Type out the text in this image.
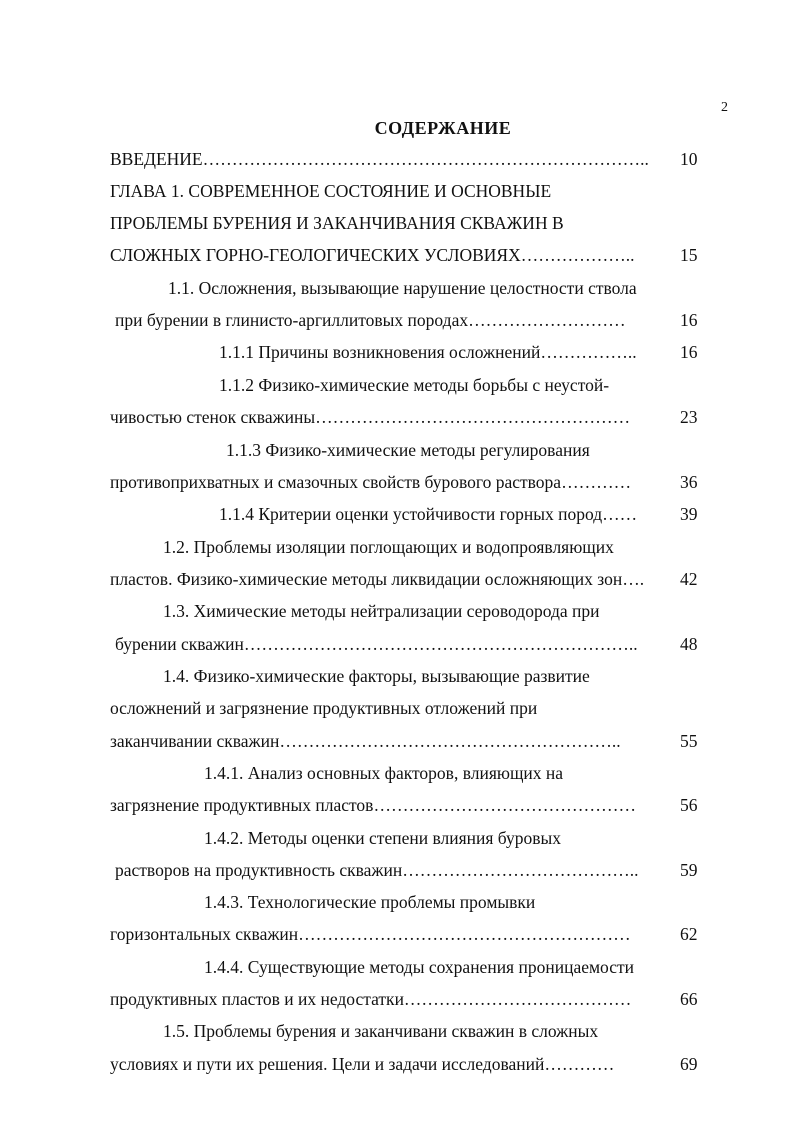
2
СОДЕРЖАНИЕ
ВВЕДЕНИЕ………………………………………………………………….. 10
ГЛАВА 1. СОВРЕМЕННОЕ СОСТОЯНИЕ И ОСНОВНЫЕ
ПРОБЛЕМЫ БУРЕНИЯ И ЗАКАНЧИВАНИЯ СКВАЖИН В
СЛОЖНЫХ ГОРНО-ГЕОЛОГИЧЕСКИХ УСЛОВИЯХ………………..	15
1.1. Осложнения, вызывающие нарушение целостности ствола
при бурении в глинисто-аргиллитовых породах………………………	16
1.1.1 Причины возникновения осложнений…………….. 16
1.1.2 Физико-химические методы борьбы с неустой-
чивостью стенок скважины………………………………………………	23
1.1.3 Физико-химические методы регулирования
противоприхватных и смазочных свойств бурового раствора…………	36
1.1.4 Критерии оценки устойчивости горных пород…… 39
1.2. Проблемы изоляции поглощающих и водопроявляющих
пластов. Физико-химические методы ликвидации осложняющих зон…. 42
1.3. Химические методы нейтрализации сероводорода при
бурении скважин………………………………………………………….. 48
1.4. Физико-химические факторы, вызывающие развитие
осложнений и загрязнение продуктивных отложений при
заканчивании скважин…………………………………………………..	55
1.4.1. Анализ основных факторов, влияющих на
загрязнение продуктивных пластов………………………………………	56
1.4.2. Методы оценки степени влияния буровых
растворов на продуктивность скважин………………………………….. 59
1.4.3. Технологические проблемы промывки
горизонтальных скважин…………………………………………………	62
1.4.4. Существующие методы сохранения проницаемости
продуктивных пластов и их недостатки…………………………………	66
1.5. Проблемы бурения и заканчивани скважин в сложных
условиях и пути их решения. Цели и задачи исследований…………	69
